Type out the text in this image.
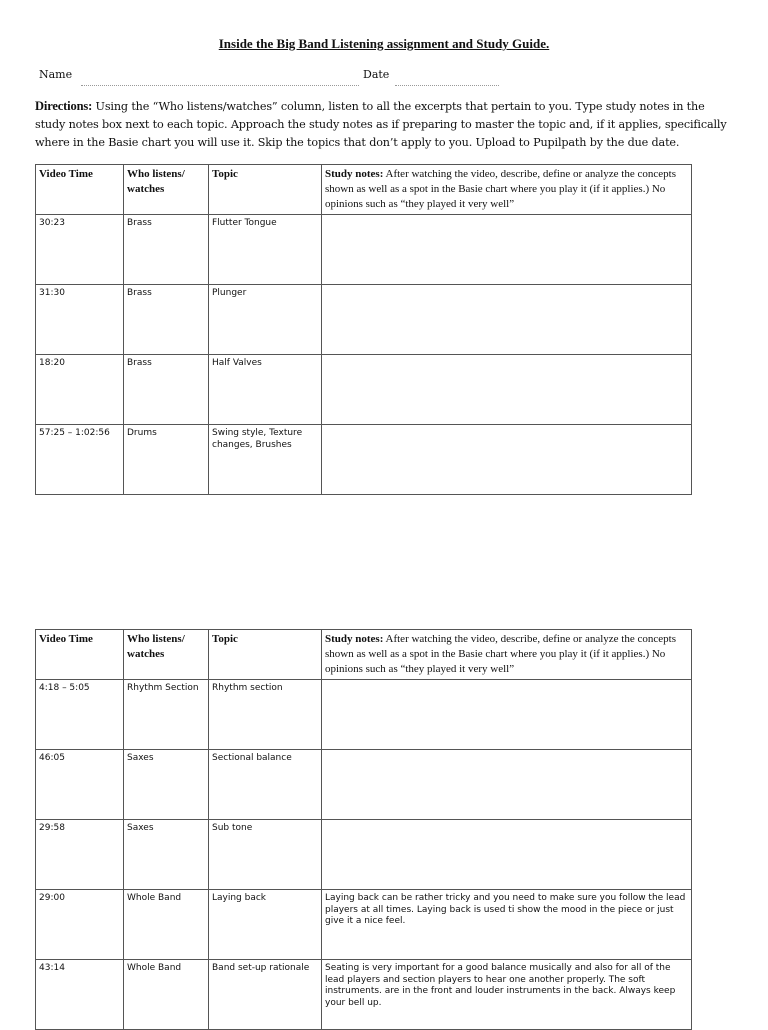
Inside the Big Band Listening assignment and Study Guide.
Name	Date
Directions: Using the “Who listens/watches” column, listen to all the excerpts that pertain to you. Type study notes in the study notes box next to each topic. Approach the study notes as if preparing to master the topic and, if it applies, specifically where in the Basie chart you will use it. Skip the topics that don’t apply to you. Upload to Pupilpath by the due date.
Video Time	Who listens/ watches	Topic	Study notes: After watching the video, describe, define or analyze the concepts shown as well as a spot in the Basie chart where you play it (if it applies.) No opinions such as “they played it very well”
30:23	Brass	Flutter Tongue	
31:30	Brass	Plunger	
18:20	Brass	Half Valves	
57:25 – 1:02:56	Drums	Swing style, Texture changes, Brushes	
Video Time	Who listens/ watches	Topic	Study notes: After watching the video, describe, define or analyze the concepts shown as well as a spot in the Basie chart where you play it (if it applies.) No opinions such as “they played it very well”
4:18 – 5:05	Rhythm Section	Rhythm section	
46:05	Saxes	Sectional balance	
29:58	Saxes	Sub tone	
29:00	Whole Band	Laying back	Laying back can be rather tricky and you need to make sure you follow the lead players at all times. Laying back is used ti show the mood in the piece or just give it a nice feel.
43:14	Whole Band	Band set-up rationale	Seating is very important for a good balance musically and also for all of the lead players and section players to hear one another properly. The soft instruments. are in the front and louder instruments in the back. Always keep your bell up.
